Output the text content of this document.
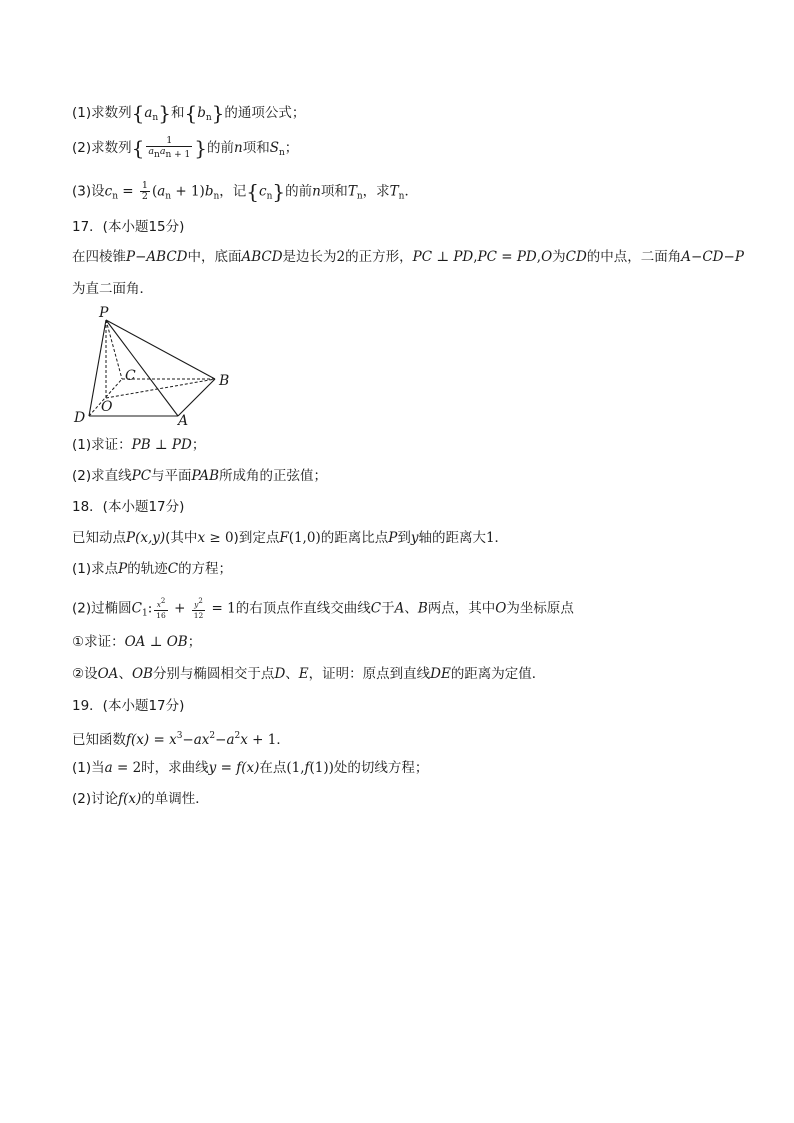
(1)求数列$\{a_n\}$和$\{b_n\}$的通项公式；
(2)求数列{ $\frac{1}{\text{anan + 1}}$ }的前n项和$S_n$；
(3)设$c_n = \frac{1}{2} (a_n + 1)b_n$，记$\{c_n\}$的前n项和$T_n$，求$T_n$．
17．(本小题15分)
在四棱锥P−ABCD中，底面ABCD是边长为2的正方形，PC ⊥ PD,PC = PD,O为CD的中点，二面角A−CD−P
为直二面角．
P
C	B
O
D	A
(1)求证：PB ⊥ PD；
(2)求直线PC与平面PAB所成角的正弦值；
18．(本小题17分)
已知动点P(x,y)(其中x ≥ 0)到定点F(1,0)的距离比点P到y轴的距离大1．
(1)求点P的轨迹C的方程；
(2)过椭圆$C_1$: $\frac{x2}{16} + \frac{y2}{12} = 1$的右顶点作直线交曲线C于A、B两点，其中O为坐标原点
①求证：OA ⊥ OB；
②设OA、OB分别与椭圆相交于点D、E，证明：原点到直线DE的距离为定值．
19．(本小题17分)
已知函数$f(x) = x^3-ax^2-a^2x + 1$．
(1)当a = 2时，求曲线y = f(x)在点(1,f(1))处的切线方程；
(2)讨论f(x)的单调性．
